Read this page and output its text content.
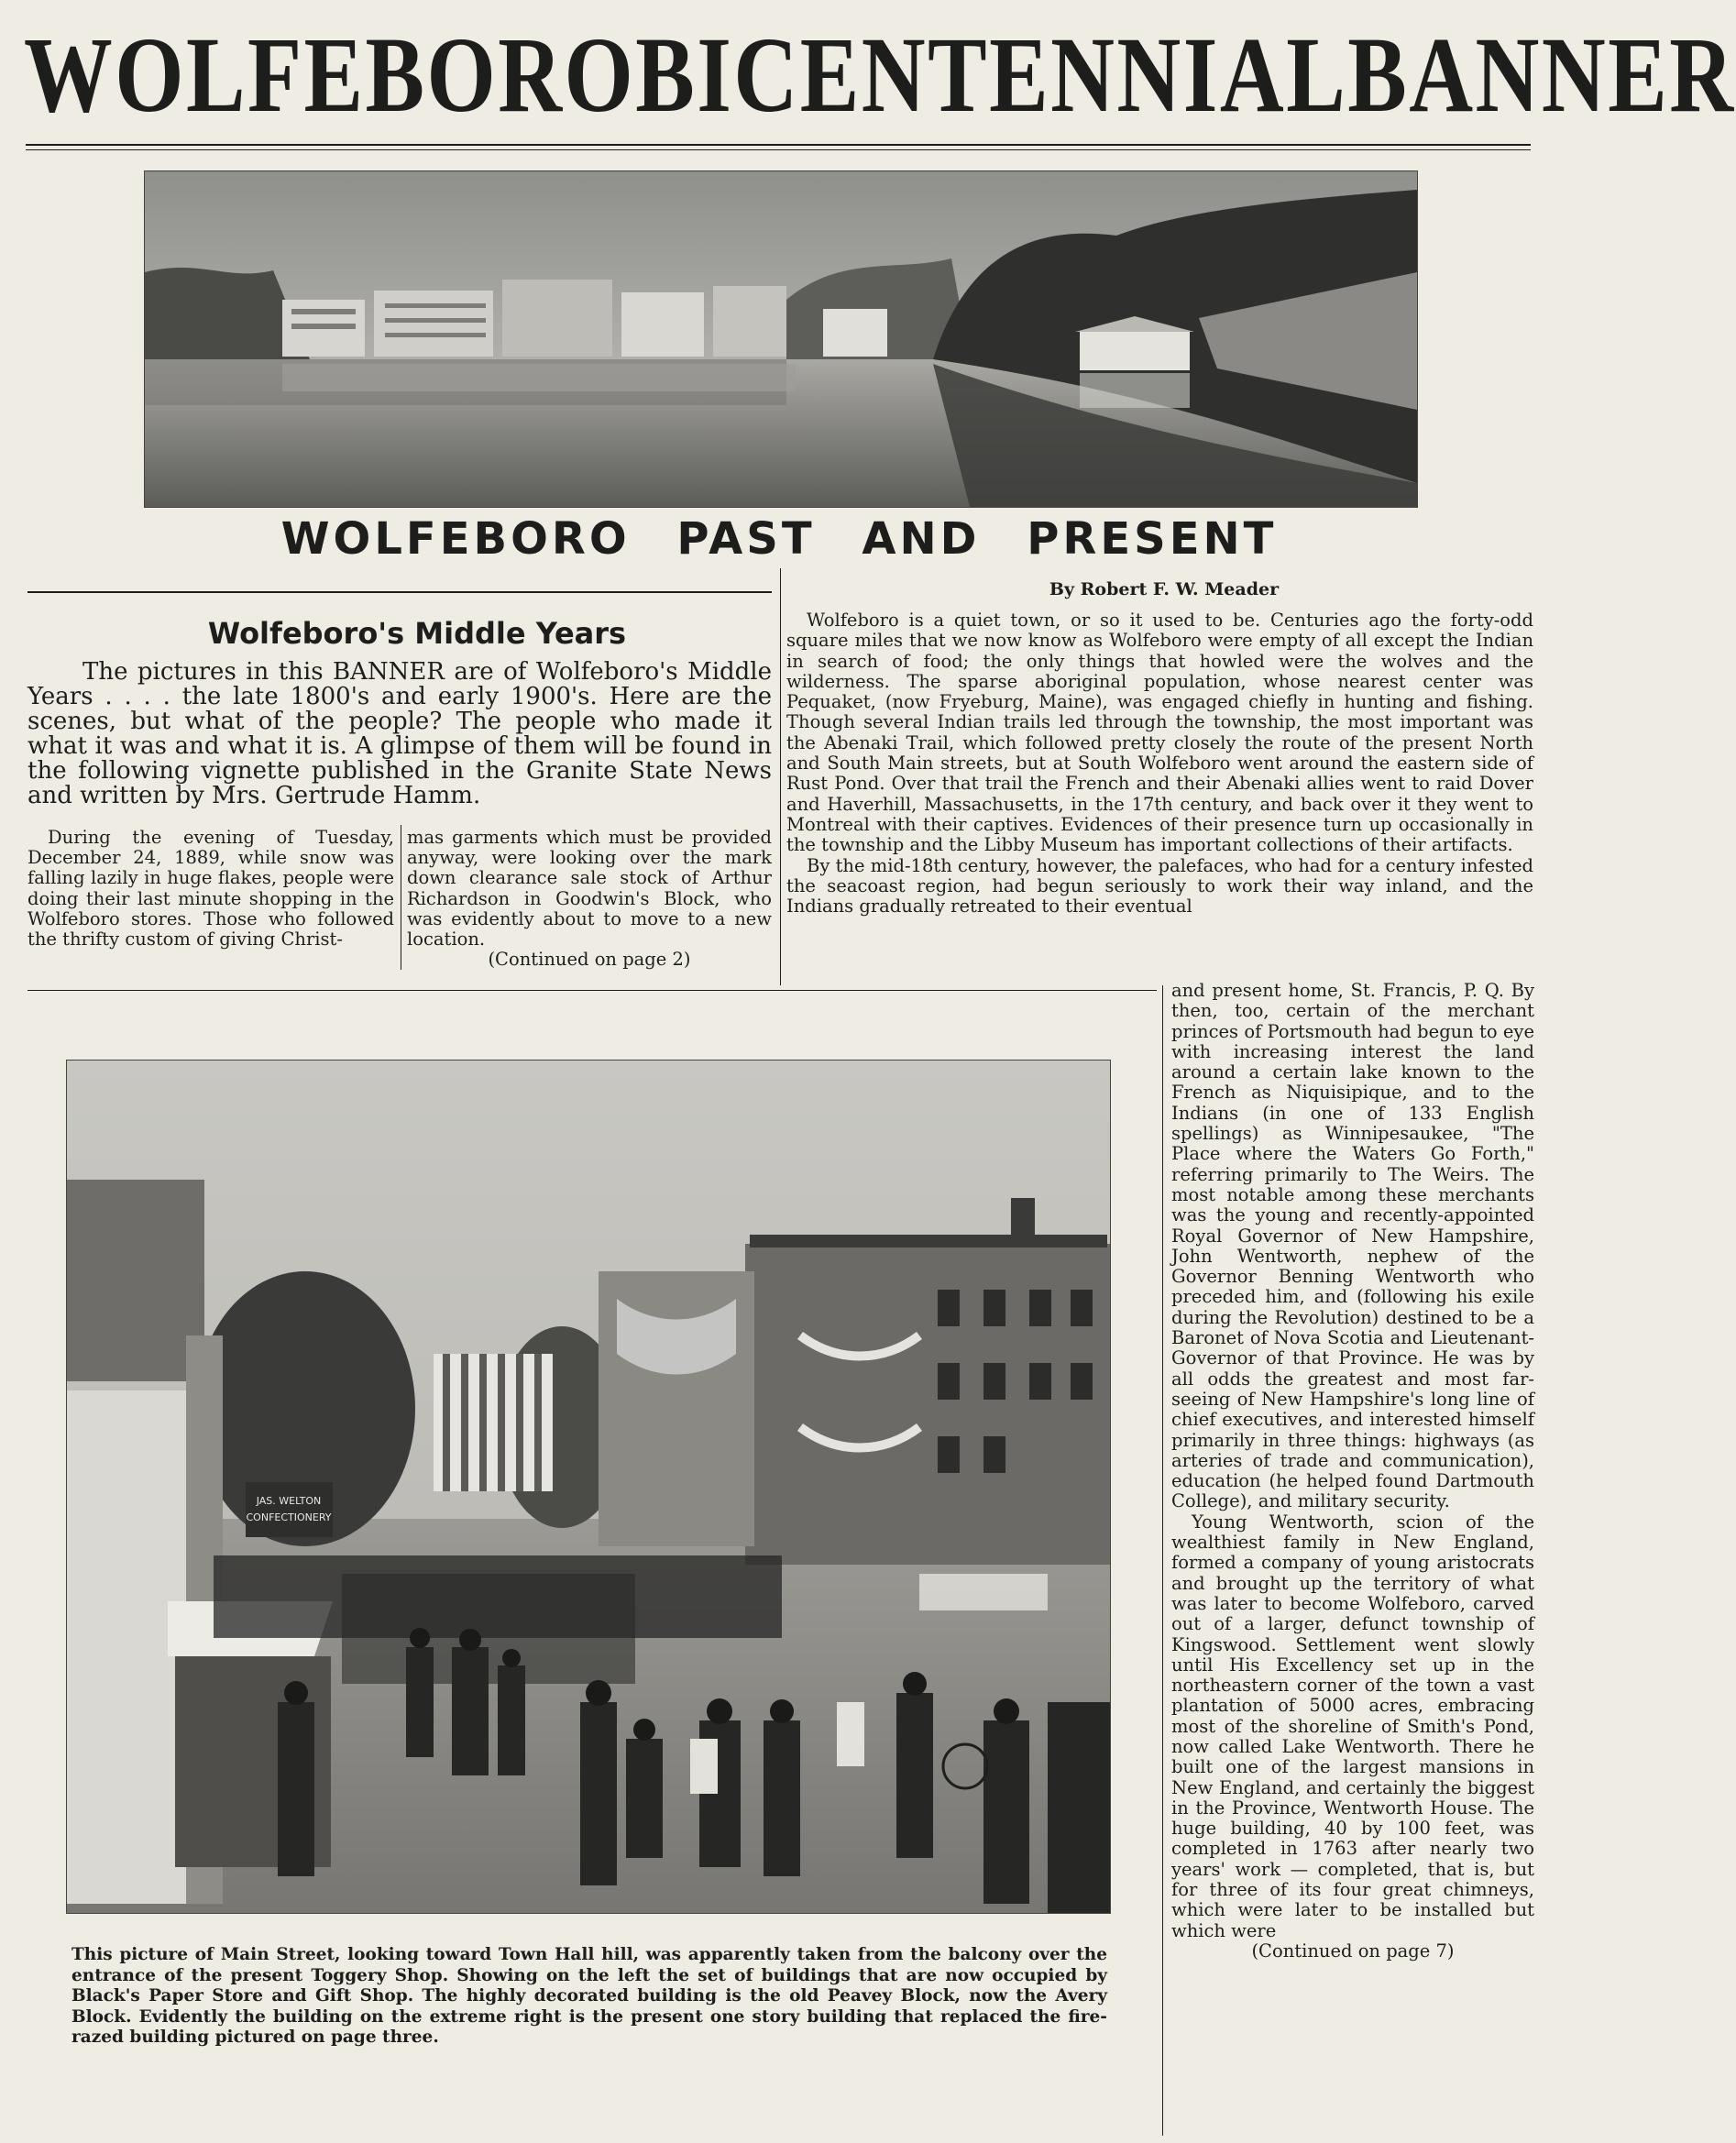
WOLFEBORO BICENTENNIAL BANNER
WOLFEBORO PAST AND PRESENT
Wolfeboro's Middle Years

The pictures in this BANNER are of Wolfeboro's Middle Years . . . . the late 1800's and early 1900's. Here are the scenes, but what of the people? The people who made it what it was and what it is. A glimpse of them will be found in the following vignette published in the Granite State News and written by Mrs. Gertrude Hamm.

During the evening of Tuesday, December 24, 1889, while snow was falling lazily in huge flakes, people were doing their last minute shopping in the Wolfeboro stores. Those who followed the thrifty custom of giving Christ-

mas garments which must be provided anyway, were looking over the mark down clearance sale stock of Arthur Richardson in Goodwin's Block, who was evidently about to move to a new location.

(Continued on page 2)

By Robert F. W. Meader

Wolfeboro is a quiet town, or so it used to be. Centuries ago the forty-odd square miles that we now know as Wolfeboro were empty of all except the Indian in search of food; the only things that howled were the wolves and the wilderness. The sparse aboriginal population, whose nearest center was Pequaket, (now Fryeburg, Maine), was engaged chiefly in hunting and fishing. Though several Indian trails led through the township, the most important was the Abenaki Trail, which followed pretty closely the route of the present North and South Main streets, but at South Wolfeboro went around the eastern side of Rust Pond. Over that trail the French and their Abenaki allies went to raid Dover and Haverhill, Massachusetts, in the 17th century, and back over it they went to Montreal with their captives. Evidences of their presence turn up occasionally in the township and the Libby Museum has important collections of their artifacts.

By the mid-18th century, however, the palefaces, who had for a century infested the seacoast region, had begun seriously to work their way inland, and the Indians gradually retreated to their eventual

and present home, St. Francis, P. Q. By then, too, certain of the merchant princes of Portsmouth had begun to eye with increasing interest the land around a certain lake known to the French as Niquisipique, and to the Indians (in one of 133 English spellings) as Winnipesaukee, "The Place where the Waters Go Forth," referring primarily to The Weirs. The most notable among these merchants was the young and recently-appointed Royal Governor of New Hampshire, John Wentworth, nephew of the Governor Benning Wentworth who preceded him, and (following his exile during the Revolution) destined to be a Baronet of Nova Scotia and Lieutenant-Governor of that Province. He was by all odds the greatest and most far-seeing of New Hampshire's long line of chief executives, and interested himself primarily in three things: highways (as arteries of trade and communication), education (he helped found Dartmouth College), and military security.

Young Wentworth, scion of the wealthiest family in New England, formed a company of young aristocrats and brought up the territory of what was later to become Wolfeboro, carved out of a larger, defunct township of Kingswood. Settlement went slowly until His Excellency set up in the northeastern corner of the town a vast plantation of 5000 acres, embracing most of the shoreline of Smith's Pond, now called Lake Wentworth. There he built one of the largest mansions in New England, and certainly the biggest in the Province, Wentworth House. The huge building, 40 by 100 feet, was completed in 1763 after nearly two years' work — completed, that is, but for three of its four great chimneys, which were later to be installed but which were

(Continued on page 7)

JAS. WELTON
CONFECTIONERY

This picture of Main Street, looking toward Town Hall hill, was apparently taken from the balcony over the entrance of the present Toggery Shop. Showing on the left the set of buildings that are now occupied by Black's Paper Store and Gift Shop. The highly decorated building is the old Peavey Block, now the Avery Block. Evidently the building on the extreme right is the present one story building that replaced the fire-razed building pictured on page three.
